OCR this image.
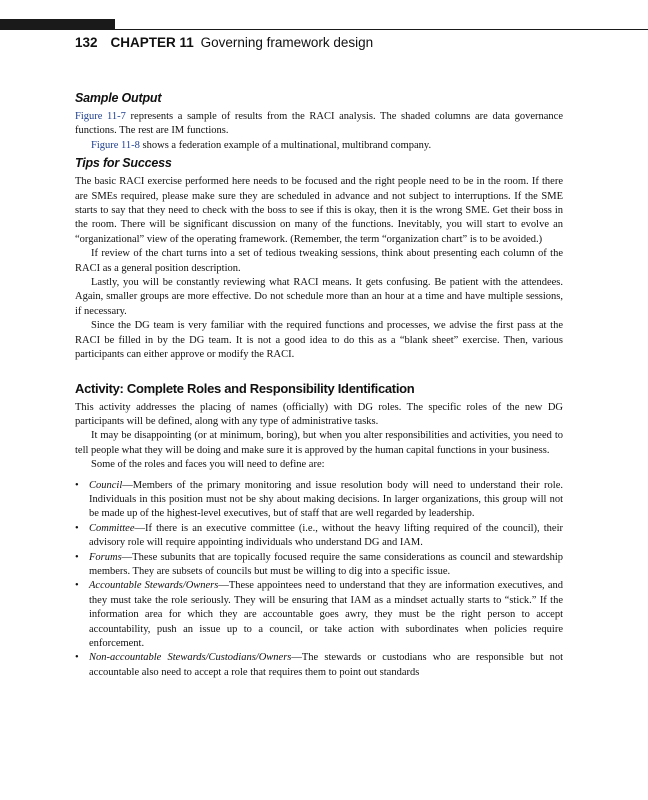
132 CHAPTER 11 Governing framework design
Sample Output

Figure 11-7 represents a sample of results from the RACI analysis. The shaded columns are data governance functions. The rest are IM functions.

Figure 11-8 shows a federation example of a multinational, multibrand company.

Tips for Success

The basic RACI exercise performed here needs to be focused and the right people need to be in the room. If there are SMEs required, please make sure they are scheduled in advance and not subject to interruptions. If the SME starts to say that they need to check with the boss to see if this is okay, then it is the wrong SME. Get their boss in the room. There will be significant discussion on many of the functions. Inevitably, you will start to evolve an “organizational” view of the operating framework. (Remember, the term “organization chart” is to be avoided.)

If review of the chart turns into a set of tedious tweaking sessions, think about presenting each column of the RACI as a general position description.

Lastly, you will be constantly reviewing what RACI means. It gets confusing. Be patient with the attendees. Again, smaller groups are more effective. Do not schedule more than an hour at a time and have multiple sessions, if necessary.

Since the DG team is very familiar with the required functions and processes, we advise the first pass at the RACI be filled in by the DG team. It is not a good idea to do this as a “blank sheet” exercise. Then, various participants can either approve or modify the RACI.

Activity: Complete Roles and Responsibility Identification

This activity addresses the placing of names (officially) with DG roles. The specific roles of the new DG participants will be defined, along with any type of administrative tasks.

It may be disappointing (or at minimum, boring), but when you alter responsibilities and activities, you need to tell people what they will be doing and make sure it is approved by the human capital functions in your business.

Some of the roles and faces you will need to define are:

• Council—Members of the primary monitoring and issue resolution body will need to understand their role. Individuals in this position must not be shy about making decisions. In larger organizations, this group will not be made up of the highest-level executives, but of staff that are well regarded by leadership.
• Committee—If there is an executive committee (i.e., without the heavy lifting required of the council), their advisory role will require appointing individuals who understand DG and IAM.
• Forums—These subunits that are topically focused require the same considerations as council and stewardship members. They are subsets of councils but must be willing to dig into a specific issue.
• Accountable Stewards/Owners—These appointees need to understand that they are information executives, and they must take the role seriously. They will be ensuring that IAM as a mindset actually starts to “stick.” If the information area for which they are accountable goes awry, they must be the right person to accept accountability, push an issue up to a council, or take action with subordinates when policies require enforcement.
• Non-accountable Stewards/Custodians/Owners—The stewards or custodians who are responsible but not accountable also need to accept a role that requires them to point out standards
